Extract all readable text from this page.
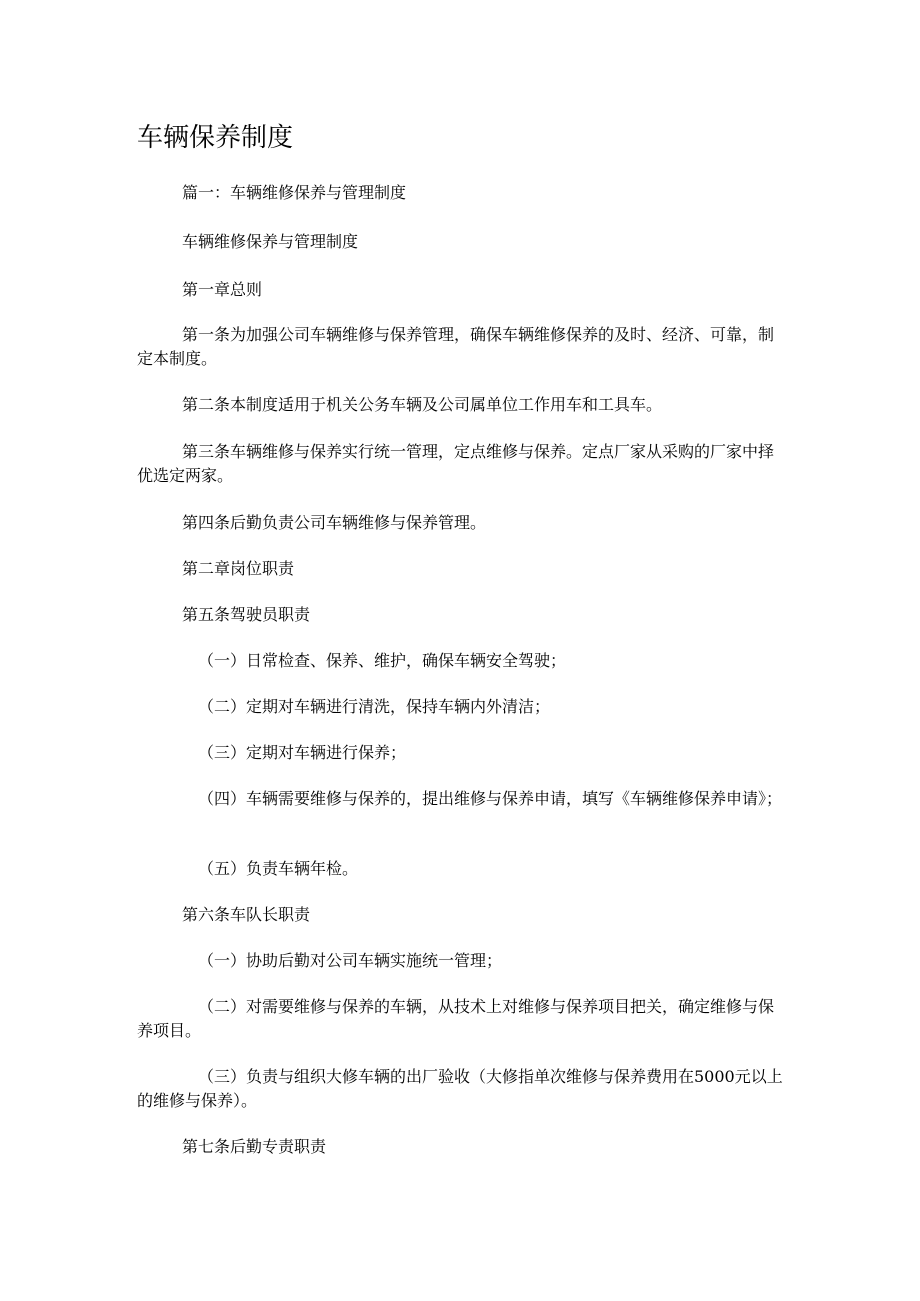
车辆保养制度

篇一：车辆维修保养与管理制度

车辆维修保养与管理制度

第一章总则

第一条为加强公司车辆维修与保养管理，确保车辆维修保养的及时、经济、可靠，制定本制度。

第二条本制度适用于机关公务车辆及公司属单位工作用车和工具车。

第三条车辆维修与保养实行统一管理，定点维修与保养。定点厂家从采购的厂家中择优选定两家。

第四条后勤负责公司车辆维修与保养管理。

第二章岗位职责

第五条驾驶员职责

（一）日常检查、保养、维护，确保车辆安全驾驶；

（二）定期对车辆进行清洗，保持车辆内外清洁；

（三）定期对车辆进行保养；

（四）车辆需要维修与保养的，提出维修与保养申请，填写《车辆维修保养申请》；

（五）负责车辆年检。

第六条车队长职责

（一）协助后勤对公司车辆实施统一管理；

（二）对需要维修与保养的车辆，从技术上对维修与保养项目把关，确定维修与保养项目。

（三）负责与组织大修车辆的出厂验收（大修指单次维修与保养费用在5000元以上的维修与保养）。

第七条后勤专责职责
